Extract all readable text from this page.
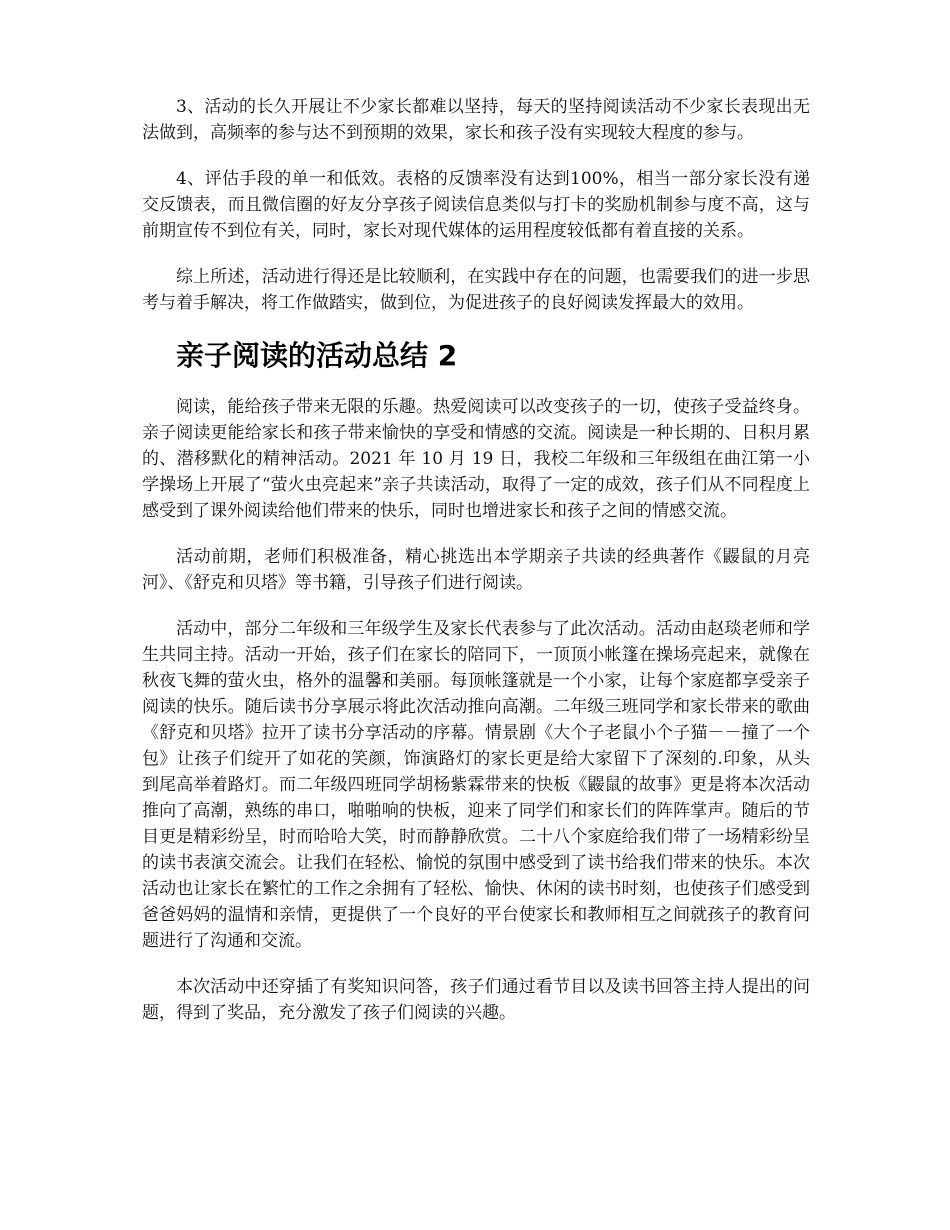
3、活动的长久开展让不少家长都难以坚持，每天的坚持阅读活动不少家长表现出无法做到，高频率的参与达不到预期的效果，家长和孩子没有实现较大程度的参与。

4、评估手段的单一和低效。表格的反馈率没有达到100%，相当一部分家长没有递交反馈表，而且微信圈的好友分享孩子阅读信息类似与打卡的奖励机制参与度不高，这与前期宣传不到位有关，同时，家长对现代媒体的运用程度较低都有着直接的关系。

综上所述，活动进行得还是比较顺利，在实践中存在的问题，也需要我们的进一步思考与着手解决，将工作做踏实，做到位，为促进孩子的良好阅读发挥最大的效用。

亲子阅读的活动总结 2

阅读，能给孩子带来无限的乐趣。热爱阅读可以改变孩子的一切，使孩子受益终身。亲子阅读更能给家长和孩子带来愉快的享受和情感的交流。阅读是一种长期的、日积月累的、潜移默化的精神活动。2021 年 10 月 19 日，我校二年级和三年级组在曲江第一小学操场上开展了“萤火虫亮起来”亲子共读活动，取得了一定的成效，孩子们从不同程度上感受到了课外阅读给他们带来的快乐，同时也增进家长和孩子之间的情感交流。

活动前期，老师们积极准备，精心挑选出本学期亲子共读的经典著作《鼹鼠的月亮河》、《舒克和贝塔》等书籍，引导孩子们进行阅读。

活动中，部分二年级和三年级学生及家长代表参与了此次活动。活动由赵琰老师和学生共同主持。活动一开始，孩子们在家长的陪同下，一顶顶小帐篷在操场亮起来，就像在秋夜飞舞的萤火虫，格外的温馨和美丽。每顶帐篷就是一个小家，让每个家庭都享受亲子阅读的快乐。随后读书分享展示将此次活动推向高潮。二年级三班同学和家长带来的歌曲《舒克和贝塔》拉开了读书分享活动的序幕。情景剧《大个子老鼠小个子猫－－撞了一个包》让孩子们绽开了如花的笑颜，饰演路灯的家长更是给大家留下了深刻的.印象，从头到尾高举着路灯。而二年级四班同学胡杨紫霖带来的快板《鼹鼠的故事》更是将本次活动推向了高潮，熟练的串口，啪啪响的快板，迎来了同学们和家长们的阵阵掌声。随后的节目更是精彩纷呈，时而哈哈大笑，时而静静欣赏。二十八个家庭给我们带了一场精彩纷呈的读书表演交流会。让我们在轻松、愉悦的氛围中感受到了读书给我们带来的快乐。本次活动也让家长在繁忙的工作之余拥有了轻松、愉快、休闲的读书时刻，也使孩子们感受到爸爸妈妈的温情和亲情，更提供了一个良好的平台使家长和教师相互之间就孩子的教育问题进行了沟通和交流。

本次活动中还穿插了有奖知识问答，孩子们通过看节目以及读书回答主持人提出的问题，得到了奖品，充分激发了孩子们阅读的兴趣。
